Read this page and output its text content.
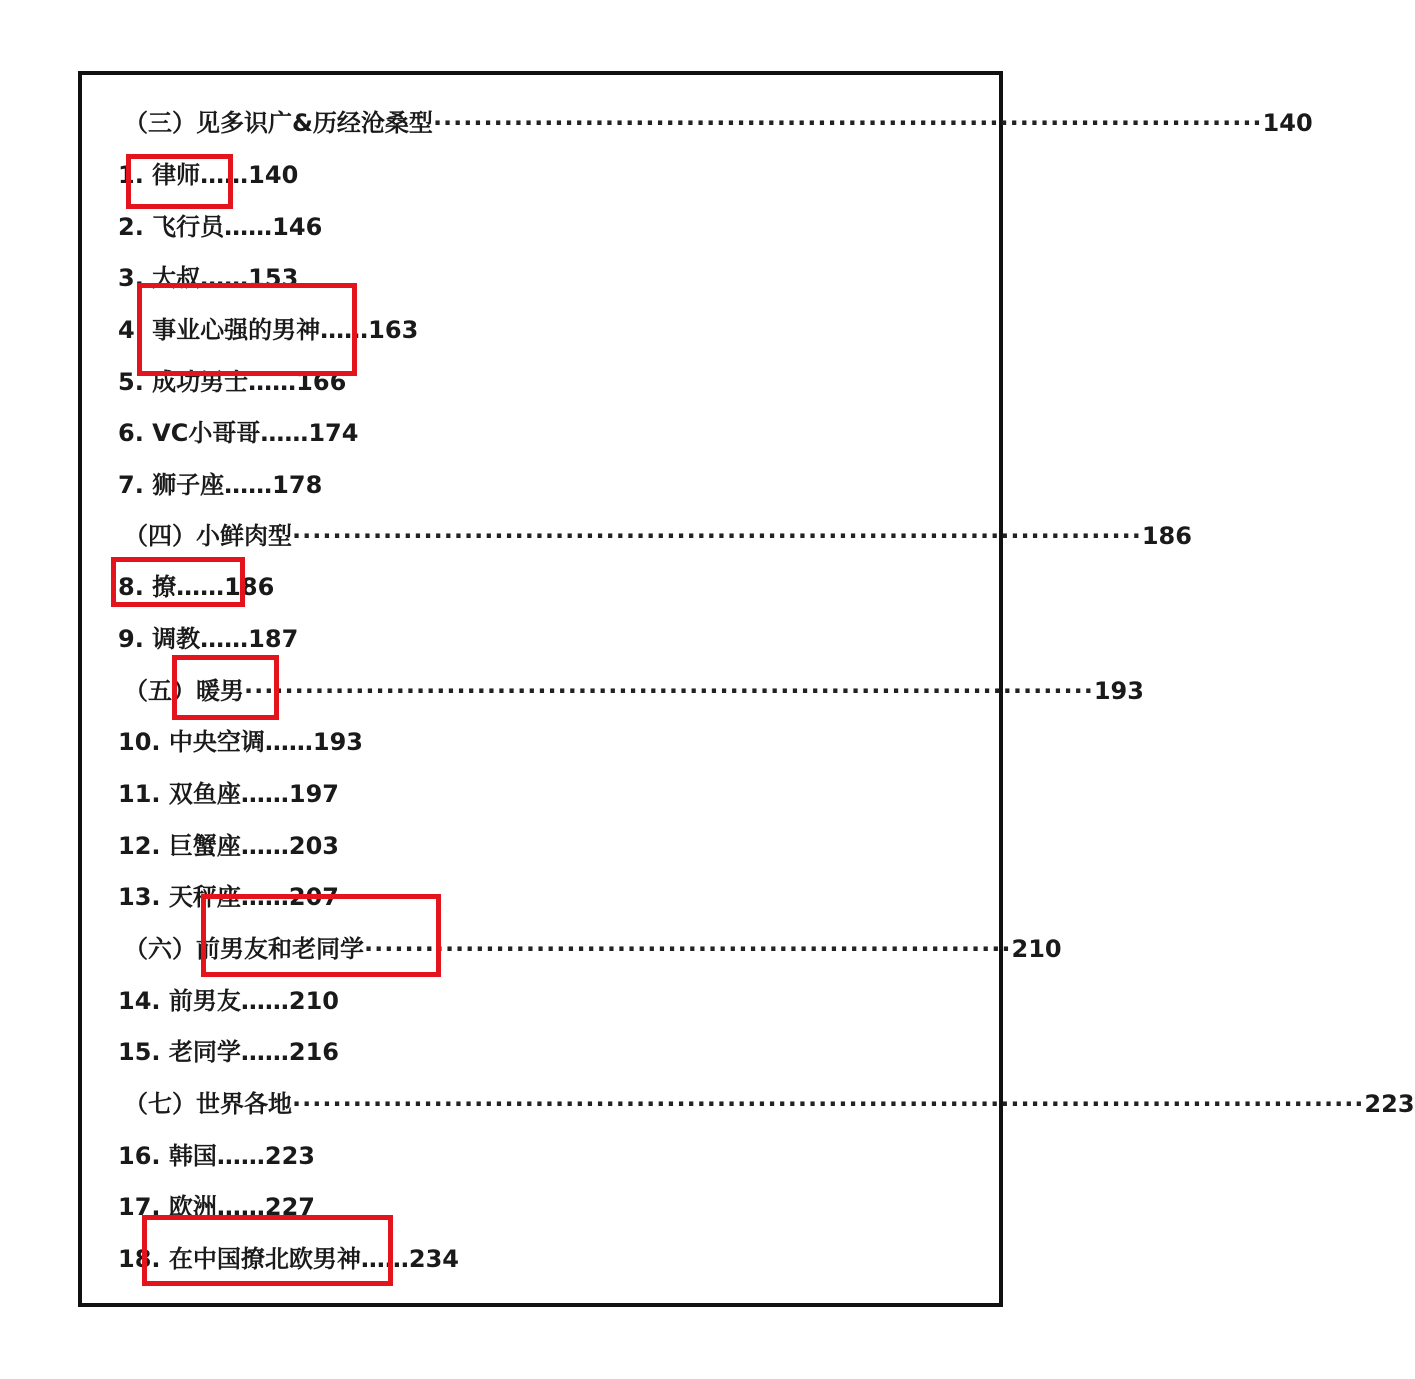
（三）见多识广&历经沧桑型 ·················································································· 140
1. 律师……140
2. 飞行员……146
3. 大叔……153
4. 事业心强的男神……163
5. 成功男士……166
6. VC小哥哥……174
7. 狮子座……178
（四）小鲜肉型 ···················································································· 186
8. 撩……186
9. 调教……187
（五）暖男 ···················································································· 193
10. 中央空调……193
11. 双鱼座……197
12. 巨蟹座……203
13. 天秤座……207
（六）前男友和老同学 ································································ 210
14. 前男友……210
15. 老同学……216
（七）世界各地 ·········································································································· 223
16. 韩国……223
17. 欧洲……227
18. 在中国撩北欧男神……234
